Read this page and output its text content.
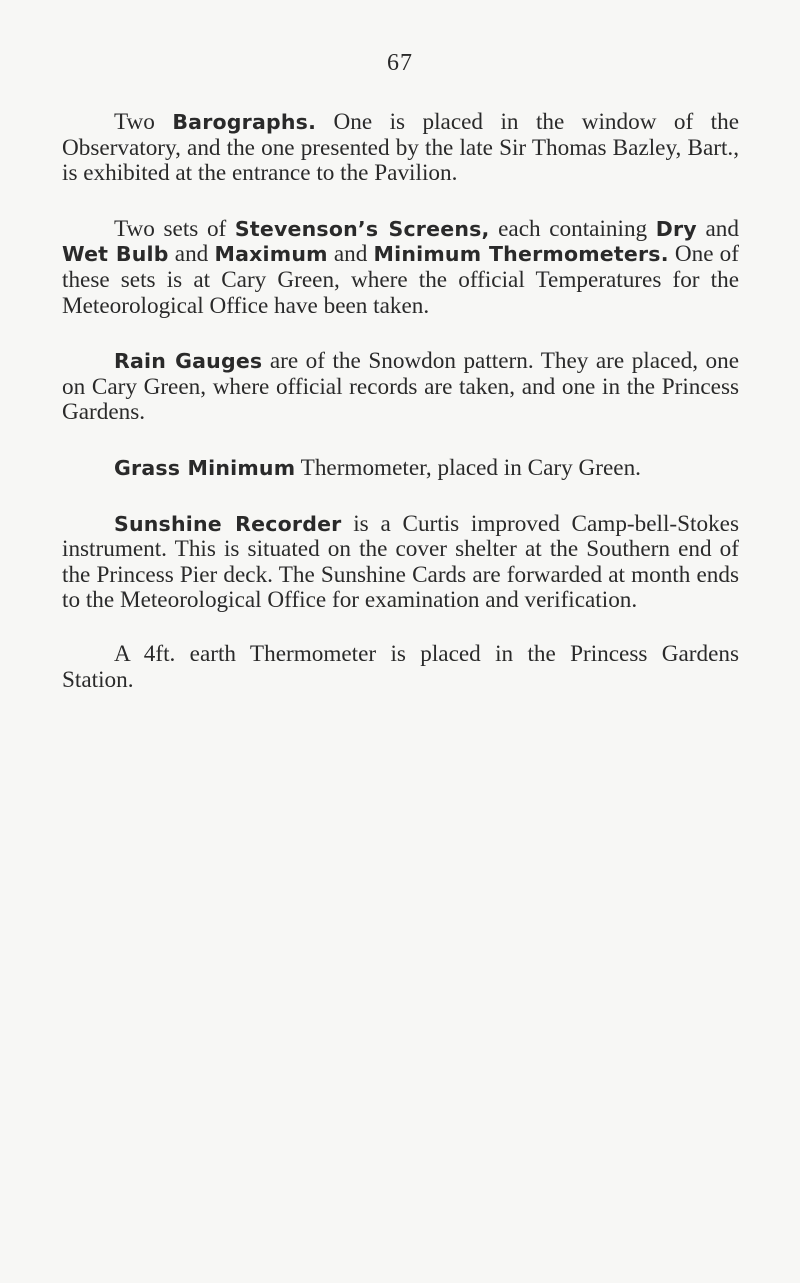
67

Two Barographs. One is placed in the window of the Observatory, and the one presented by the late Sir Thomas Bazley, Bart., is exhibited at the entrance to the Pavilion.

Two sets of Stevenson’s Screens, each containing Dry and Wet Bulb and Maximum and Minimum Thermometers. One of these sets is at Cary Green, where the official Temperatures for the Meteorological Office have been taken.

Rain Gauges are of the Snowdon pattern. They are placed, one on Cary Green, where official records are taken, and one in the Princess Gardens.

Grass Minimum Thermometer, placed in Cary Green.

Sunshine Recorder is a Curtis improved Camp-bell-Stokes instrument. This is situated on the cover shelter at the Southern end of the Princess Pier deck. The Sunshine Cards are forwarded at month ends to the Meteorological Office for examination and verification.

A 4ft. earth Thermometer is placed in the Princess Gardens Station.
